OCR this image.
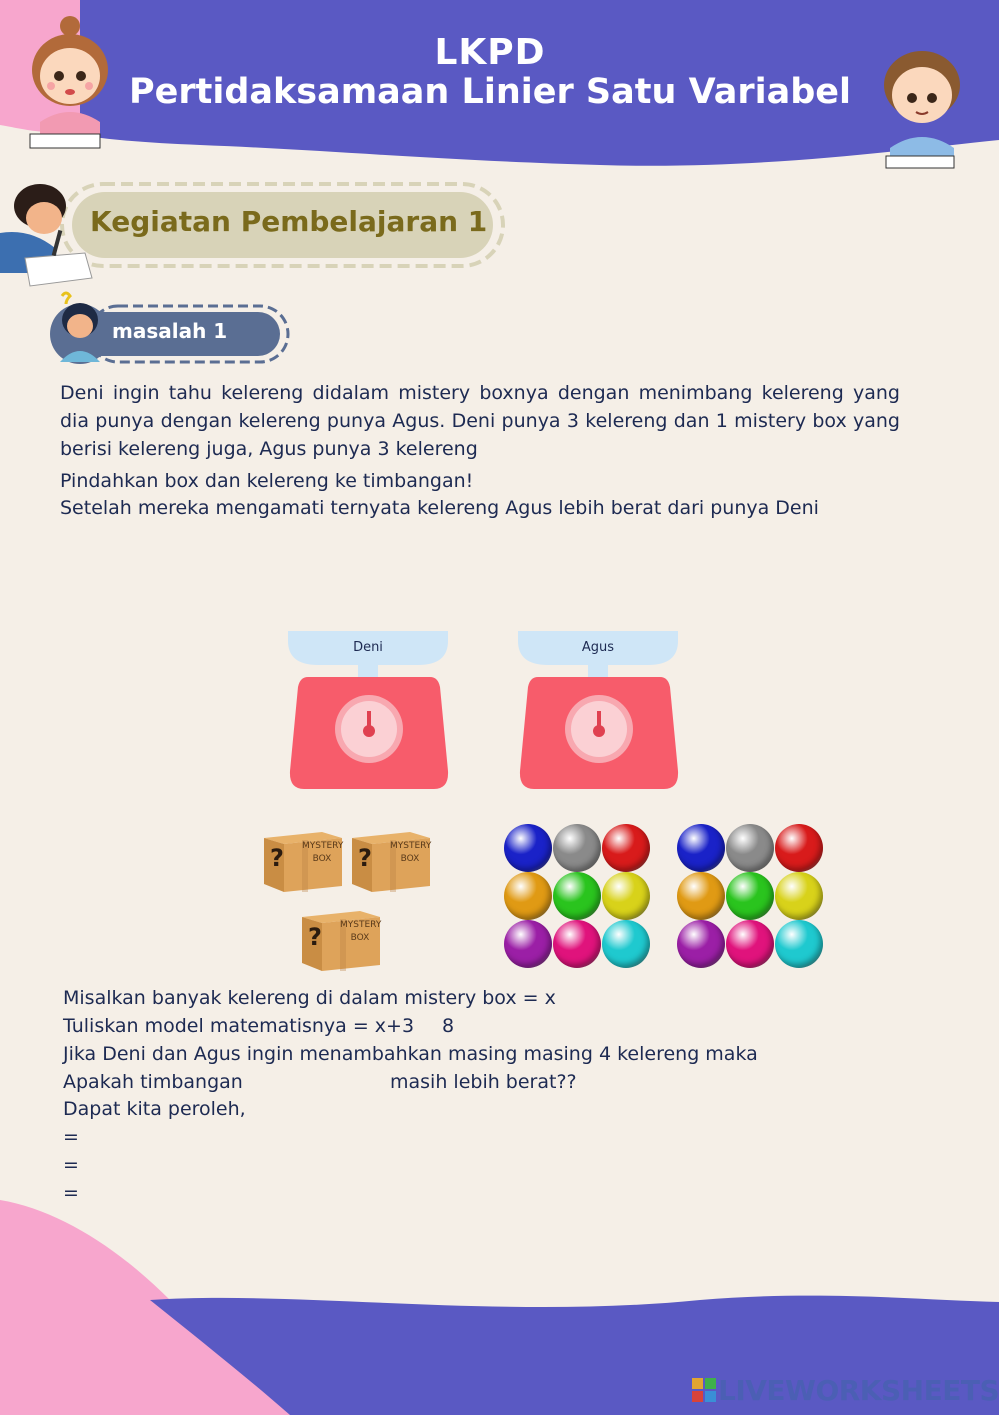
LKPD
Pertidaksamaan Linier Satu Variabel
Kegiatan Pembelajaran 1
masalah 1
Deni ingin tahu kelereng didalam mistery boxnya dengan menimbang kelereng yang dia punya dengan kelereng punya Agus. Deni punya 3 kelereng dan 1 mistery box yang berisi kelereng juga, Agus punya 3 kelereng
Pindahkan box dan kelereng ke timbangan!
Setelah mereka mengamati ternyata kelereng Agus lebih berat dari punya Deni
Deni	Agus
? MYSTERY
BOX	? MYSTERY
BOX
? MYSTERY
BOX
Misalkan banyak kelereng di dalam mistery box = x
Tuliskan model matematisnya = x+3 8
Jika Deni dan Agus ingin menambahkan masing masing 4 kelereng maka
Apakah timbangan	masih lebih berat??
Dapat kita peroleh,
=
=
=
LIVEWORKSHEETS
